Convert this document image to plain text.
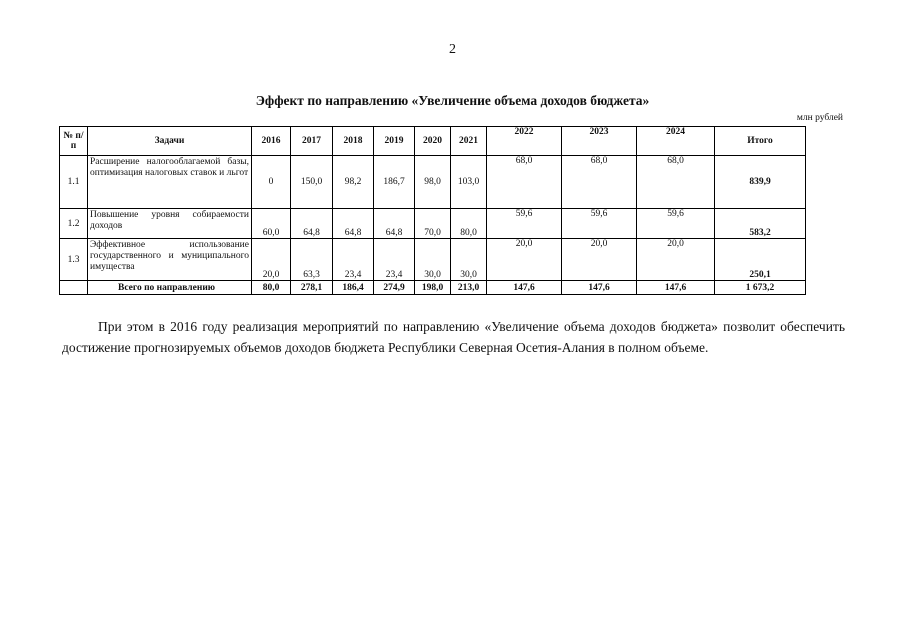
2
Эффект по направлению «Увеличение объема доходов бюджета»
млн рублей
№ п/п	Задачи	2016	2017	2018	2019	2020	2021	2022	2023	2024	Итого
1.1	Расширение налогооблагаемой базы, оптимизация налоговых ставок и льгот	0	150,0	98,2	186,7	98,0	103,0	68,0	68,0	68,0	839,9
1.2	Повышение уровня собираемости доходов	60,0	64,8	64,8	64,8	70,0	80,0	59,6	59,6	59,6	583,2
1.3	Эффективное использование государственного и муниципального имущества	20,0	63,3	23,4	23,4	30,0	30,0	20,0	20,0	20,0	250,1
	Всего по направлению	80,0	278,1	186,4	274,9	198,0	213,0	147,6	147,6	147,6	1 673,2
При этом в 2016 году реализация мероприятий по направлению «Увеличение объема доходов бюджета» позволит обеспечить достижение прогнозируемых объемов доходов бюджета Республики Северная Осетия-Алания в полном объеме.
